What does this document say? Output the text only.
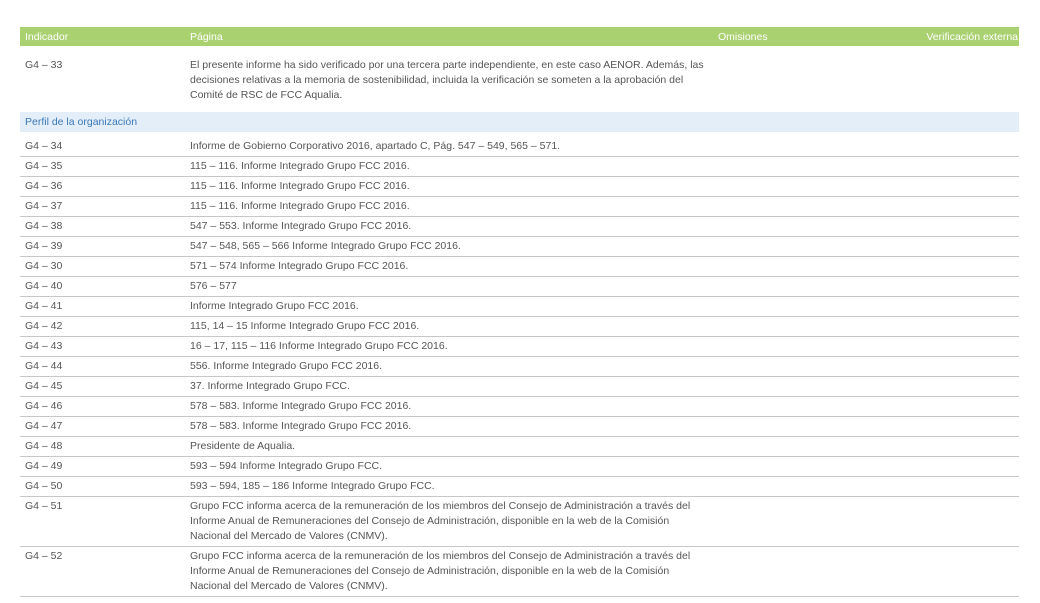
Indicador	Página	Omisiones	Verificación externa
G4 – 33	El presente informe ha sido verificado por una tercera parte independiente, en este caso AENOR. Además, las decisiones relativas a la memoria de sostenibilidad, incluida la verificación se someten a la aprobación del Comité de RSC de FCC Aqualia.
Perfil de la organización
G4 – 34	Informe de Gobierno Corporativo 2016, apartado C, Pág. 547 – 549, 565 – 571.
G4 – 35	115 – 116. Informe Integrado Grupo FCC 2016.
G4 – 36	115 – 116. Informe Integrado Grupo FCC 2016.
G4 – 37	115 – 116. Informe Integrado Grupo FCC 2016.
G4 – 38	547 – 553. Informe Integrado Grupo FCC 2016.
G4 – 39	547 – 548, 565 – 566 Informe Integrado Grupo FCC 2016.
G4 – 30	571 – 574 Informe Integrado Grupo FCC 2016.
G4 – 40	576 – 577
G4 – 41	Informe Integrado Grupo FCC 2016.
G4 – 42	115, 14 – 15 Informe Integrado Grupo FCC 2016.
G4 – 43	16 – 17, 115 – 116 Informe Integrado Grupo FCC 2016.
G4 – 44	556. Informe Integrado Grupo FCC 2016.
G4 – 45	37. Informe Integrado Grupo FCC.
G4 – 46	578 – 583. Informe Integrado Grupo FCC 2016.
G4 – 47	578 – 583. Informe Integrado Grupo FCC 2016.
G4 – 48	Presidente de Aqualia.
G4 – 49	593 – 594 Informe Integrado Grupo FCC.
G4 – 50	593 – 594, 185 – 186 Informe Integrado Grupo FCC.
G4 – 51	Grupo FCC informa acerca de la remuneración de los miembros del Consejo de Administración a través del Informe Anual de Remuneraciones del Consejo de Administración, disponible en la web de la Comisión Nacional del Mercado de Valores (CNMV).
G4 – 52	Grupo FCC informa acerca de la remuneración de los miembros del Consejo de Administración a través del Informe Anual de Remuneraciones del Consejo de Administración, disponible en la web de la Comisión Nacional del Mercado de Valores (CNMV).
